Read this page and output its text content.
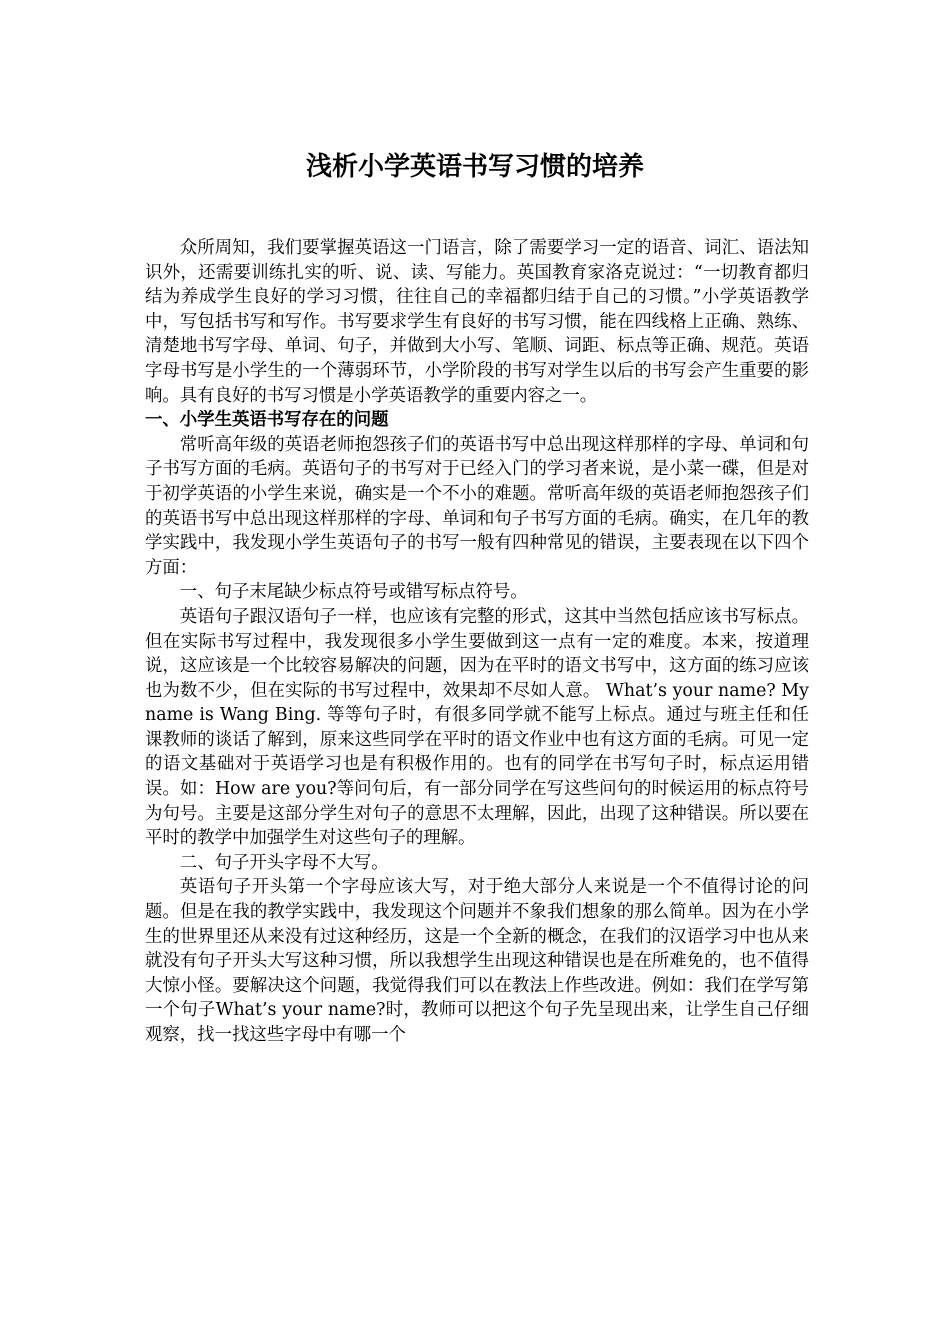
浅析小学英语书写习惯的培养

众所周知，我们要掌握英语这一门语言，除了需要学习一定的语音、词汇、语法知识外，还需要训练扎实的听、说、读、写能力。英国教育家洛克说过：“一切教育都归结为养成学生良好的学习习惯，往往自己的幸福都归结于自己的习惯。”小学英语教学中，写包括书写和写作。书写要求学生有良好的书写习惯，能在四线格上正确、熟练、清楚地书写字母、单词、句子，并做到大小写、笔顺、词距、标点等正确、规范。英语字母书写是小学生的一个薄弱环节，小学阶段的书写对学生以后的书写会产生重要的影响。具有良好的书写习惯是小学英语教学的重要内容之一。

一、小学生英语书写存在的问题

常听高年级的英语老师抱怨孩子们的英语书写中总出现这样那样的字母、单词和句子书写方面的毛病。英语句子的书写对于已经入门的学习者来说，是小菜一碟，但是对于初学英语的小学生来说，确实是一个不小的难题。常听高年级的英语老师抱怨孩子们的英语书写中总出现这样那样的字母、单词和句子书写方面的毛病。确实，在几年的教学实践中，我发现小学生英语句子的书写一般有四种常见的错误，主要表现在以下四个方面：

一、句子末尾缺少标点符号或错写标点符号。

英语句子跟汉语句子一样，也应该有完整的形式，这其中当然包括应该书写标点。但在实际书写过程中，我发现很多小学生要做到这一点有一定的难度。本来，按道理说，这应该是一个比较容易解决的问题，因为在平时的语文书写中，这方面的练习应该也为数不少，但在实际的书写过程中，效果却不尽如人意。 What’s your name? My name is Wang Bing. 等等句子时，有很多同学就不能写上标点。通过与班主任和任课教师的谈话了解到，原来这些同学在平时的语文作业中也有这方面的毛病。可见一定的语文基础对于英语学习也是有积极作用的。也有的同学在书写句子时，标点运用错误。如：How are you?等问句后，有一部分同学在写这些问句的时候运用的标点符号为句号。主要是这部分学生对句子的意思不太理解，因此，出现了这种错误。所以要在平时的教学中加强学生对这些句子的理解。

二、句子开头字母不大写。

英语句子开头第一个字母应该大写，对于绝大部分人来说是一个不值得讨论的问题。但是在我的教学实践中，我发现这个问题并不象我们想象的那么简单。因为在小学生的世界里还从来没有过这种经历，这是一个全新的概念，在我们的汉语学习中也从来就没有句子开头大写这种习惯，所以我想学生出现这种错误也是在所难免的，也不值得大惊小怪。要解决这个问题，我觉得我们可以在教法上作些改进。例如：我们在学写第一个句子What’s your name?时，教师可以把这个句子先呈现出来，让学生自己仔细观察，找一找这些字母中有哪一个
